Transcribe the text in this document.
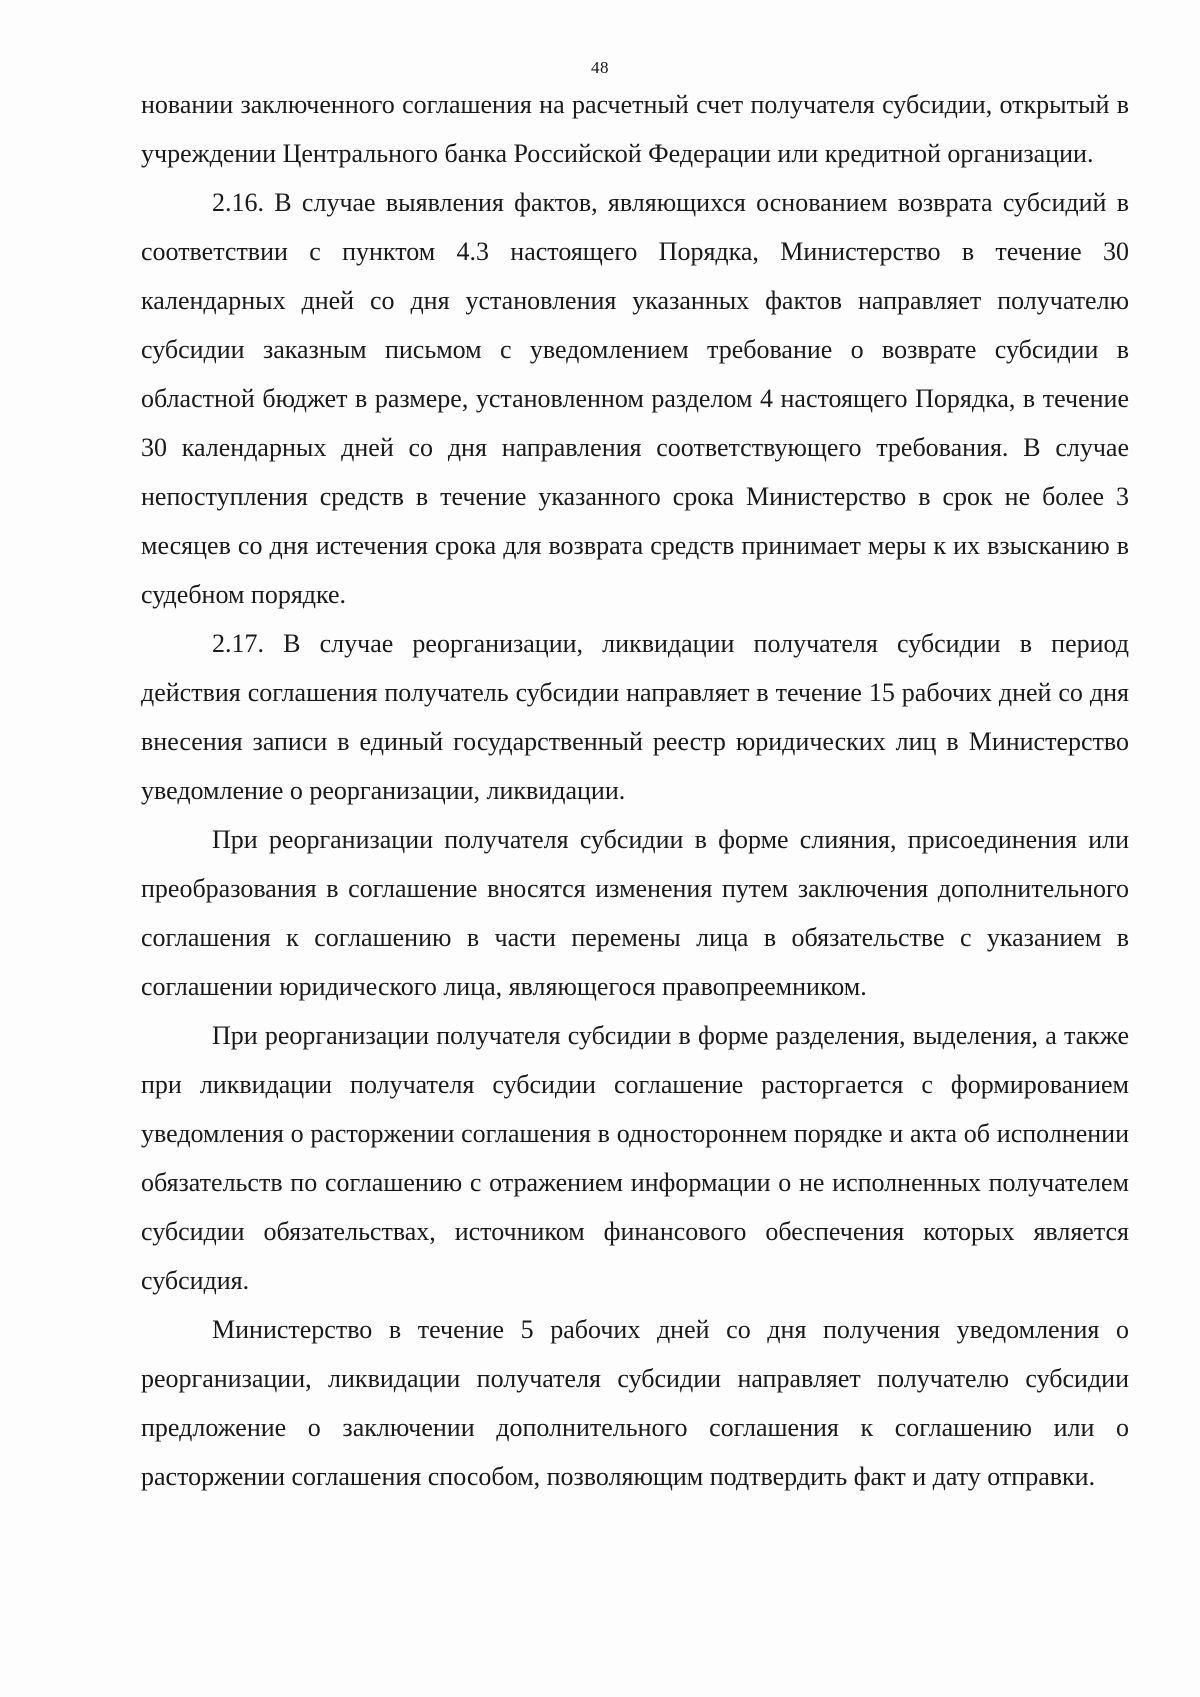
48

новании заключенного соглашения на расчетный счет получателя субсидии, открытый в учреждении Центрального банка Российской Федерации или кредитной организации.

2.16. В случае выявления фактов, являющихся основанием возврата субсидий в соответствии с пунктом 4.3 настоящего Порядка, Министерство в течение 30 календарных дней со дня установления указанных фактов направляет получателю субсидии заказным письмом с уведомлением требование о возврате субсидии в областной бюджет в размере, установленном разделом 4 настоящего Порядка, в течение 30 календарных дней со дня направления соответствующего требования. В случае непоступления средств в течение указанного срока Министерство в срок не более 3 месяцев со дня истечения срока для возврата средств принимает меры к их взысканию в судебном порядке.

2.17. В случае реорганизации, ликвидации получателя субсидии в период действия соглашения получатель субсидии направляет в течение 15 рабочих дней со дня внесения записи в единый государственный реестр юридических лиц в Министерство уведомление о реорганизации, ликвидации.

При реорганизации получателя субсидии в форме слияния, присоединения или преобразования в соглашение вносятся изменения путем заключения дополнительного соглашения к соглашению в части перемены лица в обязательстве с указанием в соглашении юридического лица, являющегося правопреемником.

При реорганизации получателя субсидии в форме разделения, выделения, а также при ликвидации получателя субсидии соглашение расторгается с формированием уведомления о расторжении соглашения в одностороннем порядке и акта об исполнении обязательств по соглашению с отражением информации о не исполненных получателем субсидии обязательствах, источником финансового обеспечения которых является субсидия.

Министерство в течение 5 рабочих дней со дня получения уведомления о реорганизации, ликвидации получателя субсидии направляет получателю субсидии предложение о заключении дополнительного соглашения к соглашению или о расторжении соглашения способом, позволяющим подтвердить факт и дату отправки.
